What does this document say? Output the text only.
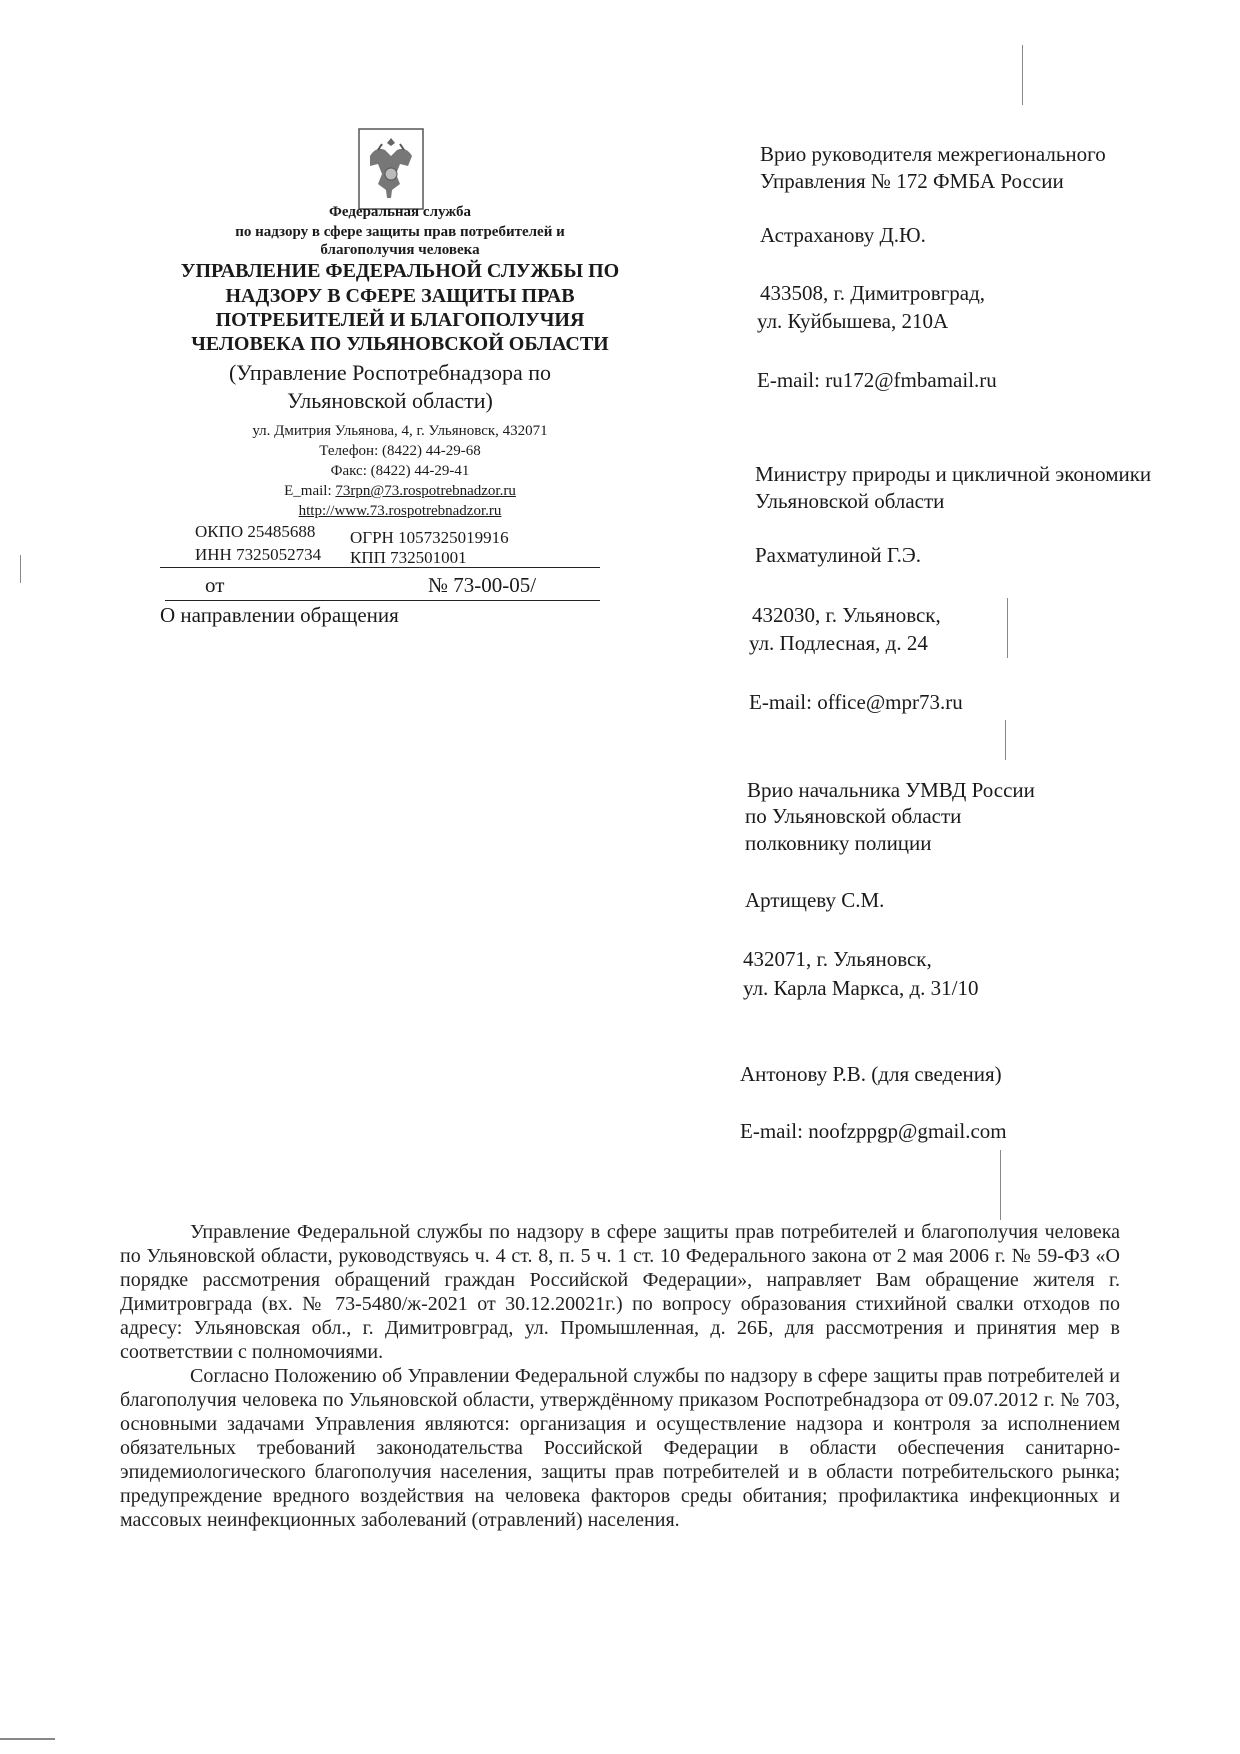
Федеральная служба
по надзору в сфере защиты прав потребителей и
благополучия человека
УПРАВЛЕНИЕ ФЕДЕРАЛЬНОЙ СЛУЖБЫ ПО
НАДЗОРУ В СФЕРЕ ЗАЩИТЫ ПРАВ
ПОТРЕБИТЕЛЕЙ И БЛАГОПОЛУЧИЯ
ЧЕЛОВЕКА ПО УЛЬЯНОВСКОЙ ОБЛАСТИ
(Управление Роспотребнадзора по
Ульяновской области)
ул. Дмитрия Ульянова, 4, г. Ульяновск, 432071
Телефон: (8422) 44-29-68
Факс: (8422) 44-29-41
E_mail: 73rpn@73.rospotrebnadzor.ru
http://www.73.rospotrebnadzor.ru
ОКПО 25485688 ОГРН 1057325019916
ИНН 7325052734 КПП 732501001
от	№ 73-00-05/
О направлении обращения
Врио руководителя межрегионального
Управления № 172 ФМБА России
Астраханову Д.Ю.
433508, г. Димитровград,
ул. Куйбышева, 210А
E-mail: ru172@fmbamail.ru
Министру природы и цикличной экономики
Ульяновской области
Рахматулиной Г.Э.
432030, г. Ульяновск,
ул. Подлесная, д. 24
E-mail: office@mpr73.ru
Врио начальника УМВД России
по Ульяновской области
полковнику полиции
Артищеву С.М.
432071, г. Ульяновск,
ул. Карла Маркса, д. 31/10
Антонову Р.В. (для сведения)
E-mail: noofzppgp@gmail.com

Управление Федеральной службы по надзору в сфере защиты прав потребителей и благополучия человека по Ульяновской области, руководствуясь ч. 4 ст. 8, п. 5 ч. 1 ст. 10 Федерального закона от 2 мая 2006 г. № 59-ФЗ «О порядке рассмотрения обращений граждан Российской Федерации», направляет Вам обращение жителя г. Димитровграда (вх. № 73-5480/ж-2021 от 30.12.20021г.) по вопросу образования стихийной свалки отходов по адресу: Ульяновская обл., г. Димитровград, ул. Промышленная, д. 26Б, для рассмотрения и принятия мер в соответствии с полномочиями.

Согласно Положению об Управлении Федеральной службы по надзору в сфере защиты прав потребителей и благополучия человека по Ульяновской области, утверждённому приказом Роспотребнадзора от 09.07.2012 г. № 703, основными задачами Управления являются: организация и осуществление надзора и контроля за исполнением обязательных требований законодательства Российской Федерации в области обеспечения санитарно-эпидемиологического благополучия населения, защиты прав потребителей и в области потребительского рынка; предупреждение вредного воздействия на человека факторов среды обитания; профилактика инфекционных и массовых неинфекционных заболеваний (отравлений) населения.
